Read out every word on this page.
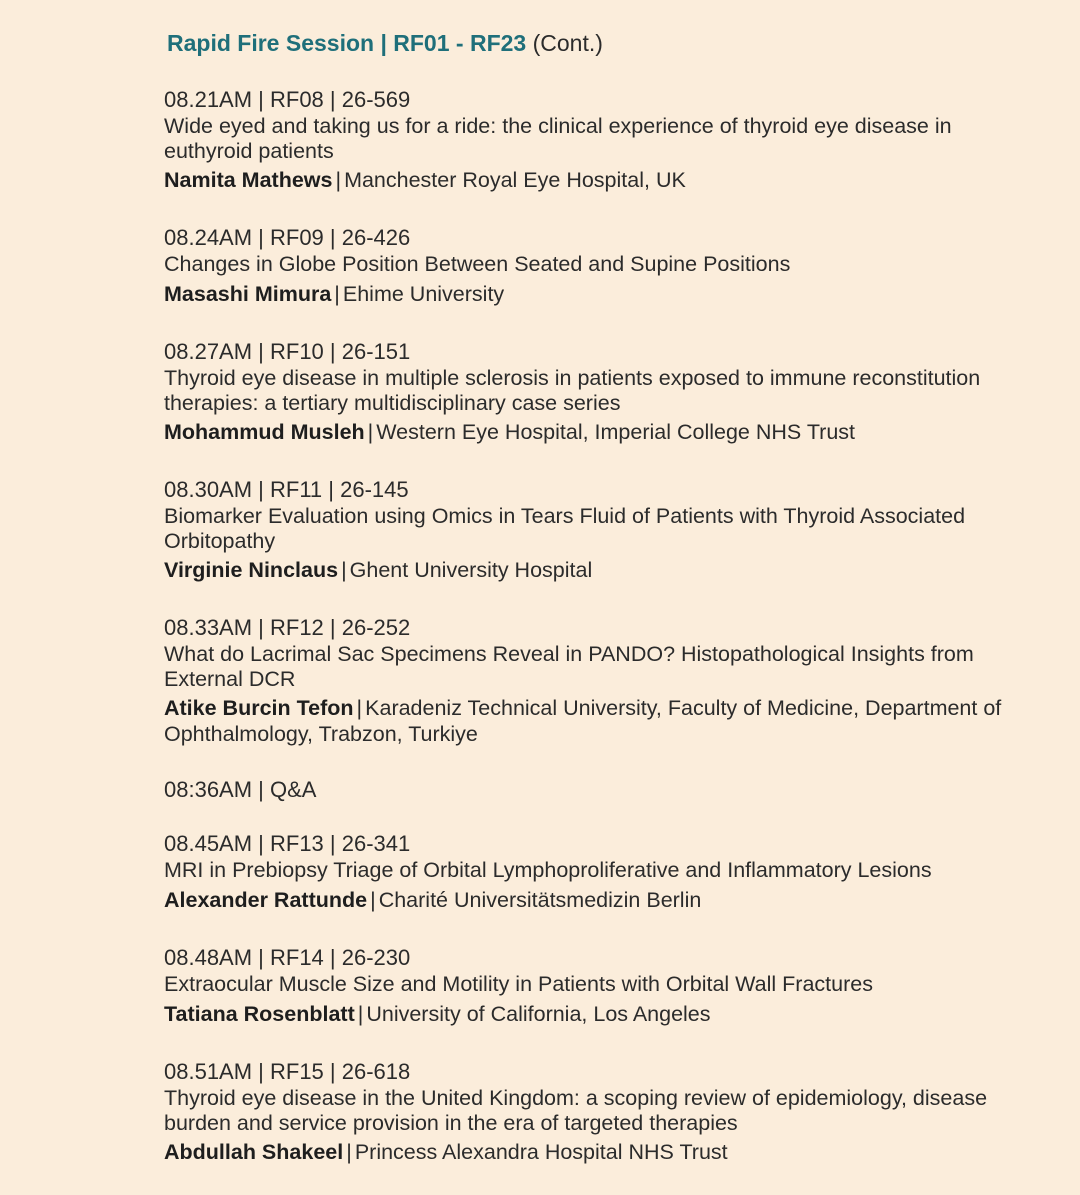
Rapid Fire Session | RF01 - RF23 (Cont.)
08.21AM | RF08 | 26-569
Wide eyed and taking us for a ride: the clinical experience of thyroid eye disease in euthyroid patients
Namita Mathews | Manchester Royal Eye Hospital, UK
08.24AM | RF09 | 26-426
Changes in Globe Position Between Seated and Supine Positions
Masashi Mimura | Ehime University
08.27AM | RF10 | 26-151
Thyroid eye disease in multiple sclerosis in patients exposed to immune reconstitution therapies: a tertiary multidisciplinary case series
Mohammud Musleh | Western Eye Hospital, Imperial College NHS Trust
08.30AM | RF11 | 26-145
Biomarker Evaluation using Omics in Tears Fluid of Patients with Thyroid Associated Orbitopathy
Virginie Ninclaus | Ghent University Hospital
08.33AM | RF12 | 26-252
What do Lacrimal Sac Specimens Reveal in PANDO? Histopathological Insights from External DCR
Atike Burcin Tefon | Karadeniz Technical University, Faculty of Medicine, Department of Ophthalmology, Trabzon, Turkiye
08:36AM | Q&A
08.45AM | RF13 | 26-341
MRI in Prebiopsy Triage of Orbital Lymphoproliferative and Inflammatory Lesions
Alexander Rattunde | Charité Universitätsmedizin Berlin
08.48AM | RF14 | 26-230
Extraocular Muscle Size and Motility in Patients with Orbital Wall Fractures
Tatiana Rosenblatt | University of California, Los Angeles
08.51AM | RF15 | 26-618
Thyroid eye disease in the United Kingdom: a scoping review of epidemiology, disease burden and service provision in the era of targeted therapies
Abdullah Shakeel | Princess Alexandra Hospital NHS Trust
